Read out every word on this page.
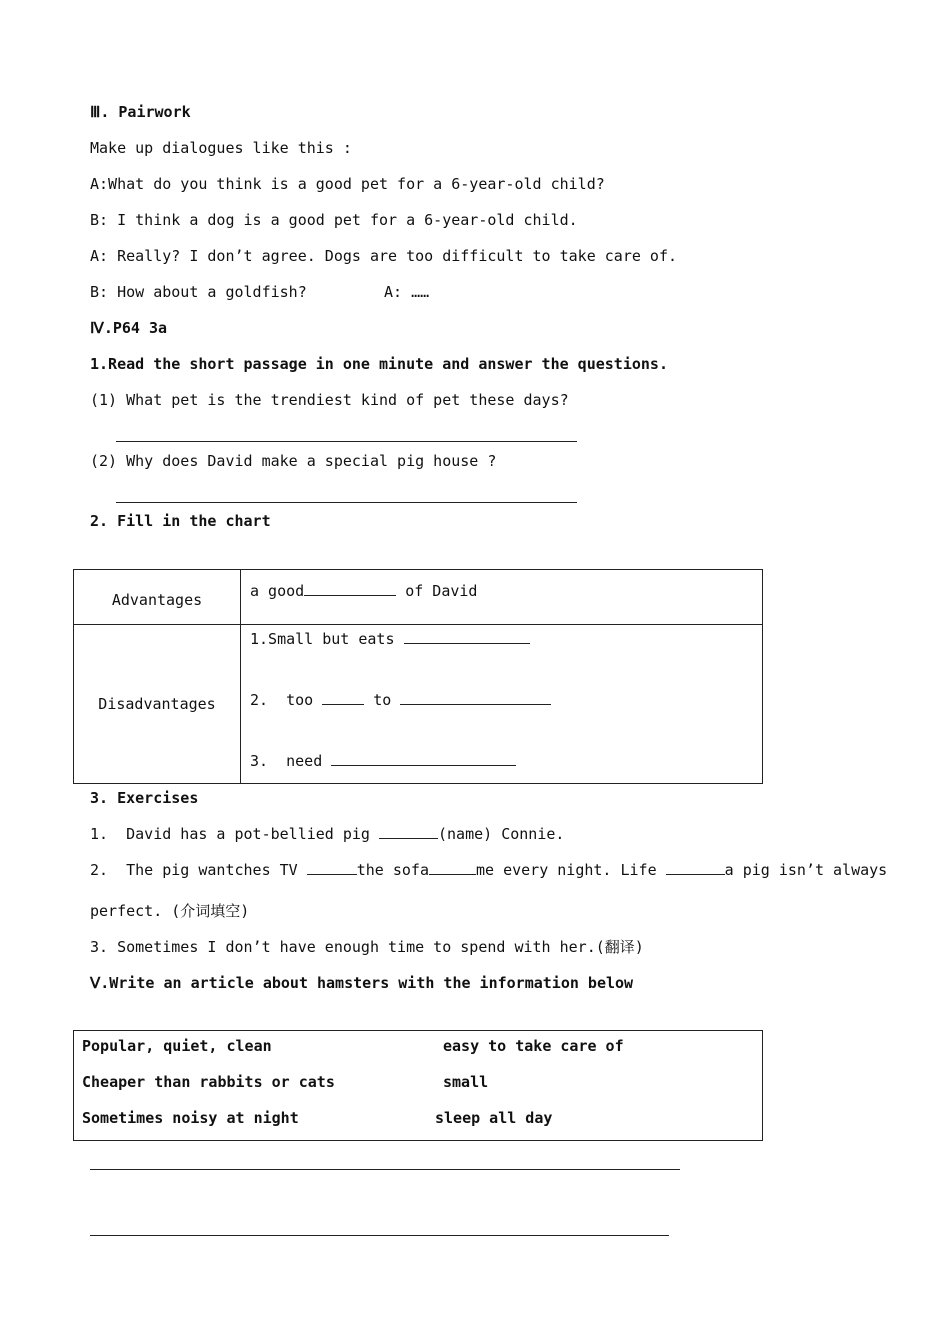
Ⅲ. Pairwork
Make up dialogues like this :
A:What do you think is a good pet for a 6-year-old child?
B: I think a dog is a good pet for a 6-year-old child.
A: Really? I don’t agree. Dogs are too difficult to take care of.
B: How about a goldfish?	A: ……
Ⅳ.P64 3a
1.Read the short passage in one minute and answer the questions.
(1) What pet is the trendiest kind of pet these days?
(2) Why does David make a special pig house ?
2. Fill in the chart
Advantages	a good of David
Disadvantages	1.Small but eats
2.  too to
3.  need
3. Exercises
1.  David has a pot-bellied pig	(name) Connie.
2.  The pig wantches TV	the sofa	me every night. Life	a pig isn’t always
perfect. (介词填空)
3. Sometimes I don’t have enough time to spend with her.(翻译)
Ⅴ.Write an article about hamsters with the information below
Popular, quiet, clean	easy to take care of
Cheaper than rabbits or cats	small
Sometimes noisy at night	sleep all day
